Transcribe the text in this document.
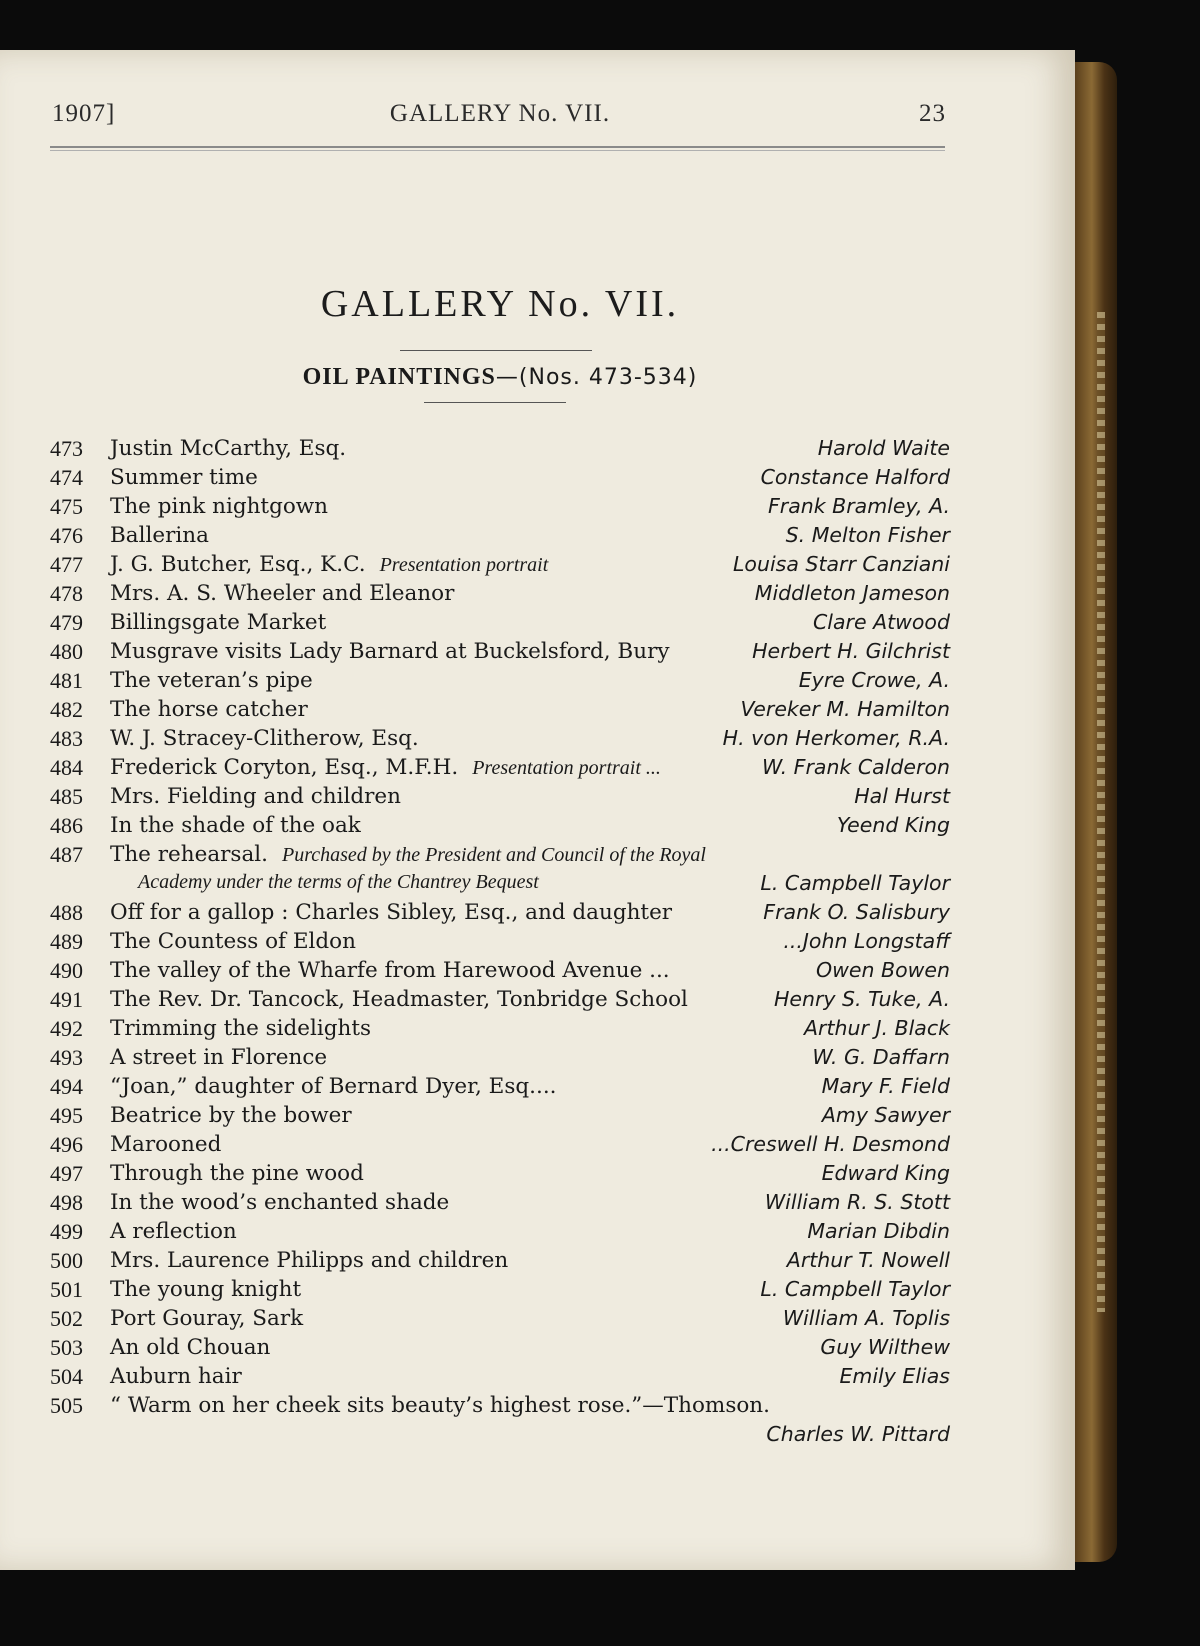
1907]	GALLERY No. VII.	23
GALLERY No. VII.
OIL PAINTINGS—(Nos. 473-534)
473	Justin McCarthy, Esq.	Harold Waite
474	Summer time	Constance Halford
475	The pink nightgown	Frank Bramley, A.
476	Ballerina	S. Melton Fisher
477	J. G. Butcher, Esq., K.C. Presentation portrait	Louisa Starr Canziani
478	Mrs. A. S. Wheeler and Eleanor	Middleton Jameson
479	Billingsgate Market	Clare Atwood
480	Musgrave visits Lady Barnard at Buckelsford, Bury	Herbert H. Gilchrist
481	The veteran’s pipe	Eyre Crowe, A.
482	The horse catcher	Vereker M. Hamilton
483	W. J. Stracey-Clitherow, Esq.	H. von Herkomer, R.A.
484	Frederick Coryton, Esq., M.F.H. Presentation portrait ...	W. Frank Calderon
485	Mrs. Fielding and children	Hal Hurst
486	In the shade of the oak	Yeend King
487	The rehearsal. Purchased by the President and Council of the Royal
Academy under the terms of the Chantrey Bequest	L. Campbell Taylor
488	Off for a gallop : Charles Sibley, Esq., and daughter	Frank O. Salisbury
489	The Countess of Eldon	...John Longstaff
490	The valley of the Wharfe from Harewood Avenue ...	Owen Bowen
491	The Rev. Dr. Tancock, Headmaster, Tonbridge School	Henry S. Tuke, A.
492	Trimming the sidelights	Arthur J. Black
493	A street in Florence	W. G. Daffarn
494	“Joan,” daughter of Bernard Dyer, Esq....	Mary F. Field
495	Beatrice by the bower	Amy Sawyer
496	Marooned	...Creswell H. Desmond
497	Through the pine wood	Edward King
498	In the wood’s enchanted shade	William R. S. Stott
499	A reflection	Marian Dibdin
500	Mrs. Laurence Philipps and children	Arthur T. Nowell
501	The young knight	L. Campbell Taylor
502	Port Gouray, Sark	William A. Toplis
503	An old Chouan	Guy Wilthew
504	Auburn hair	Emily Elias
505	“ Warm on her cheek sits beauty’s highest rose.”—Thomson.
Charles W. Pittard
